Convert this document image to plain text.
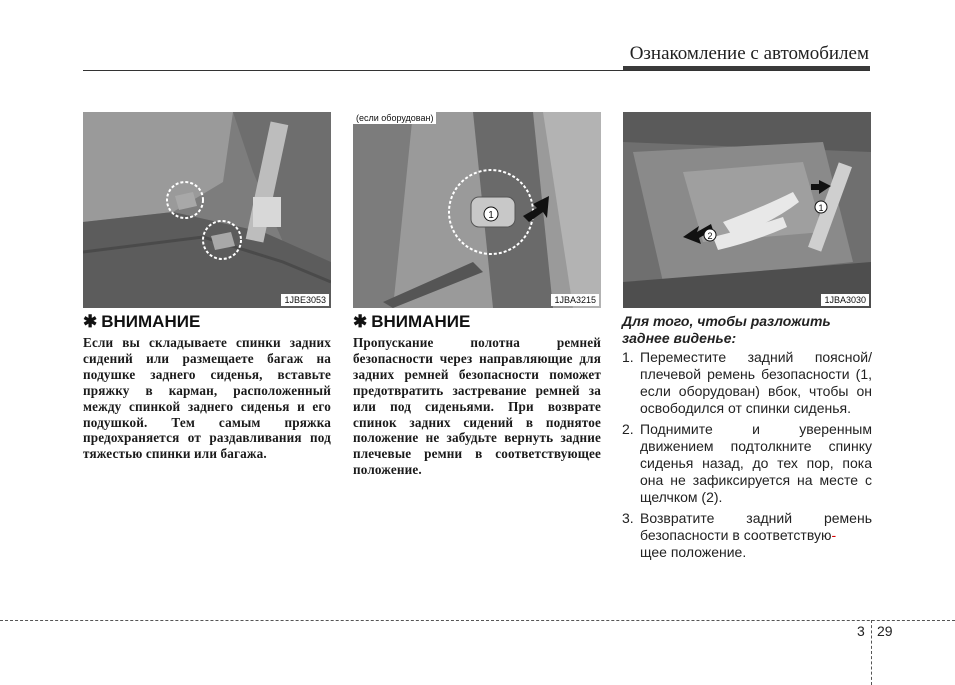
Ознакомление с автомобилем
1JBE3053
1
(если оборудован)
1JBA3215
2
1
1JBA3030
✱ ВНИМАНИЕ
Если вы складываете спинки задних сидений или размещаете багаж на подушке заднего сиденья, вставьте пряжку в карман, расположенный между спинкой заднего сиденья и его подушкой. Тем самым пряжка предохраняется от раздавливания под тяжестью спинки или багажа.
✱ ВНИМАНИЕ
Пропускание полотна ремней безопасности через направляющие для задних ремней безопасности поможет предотвратить застревание ремней за или под сиденьями. При возврате спинок задних сидений в поднятое положение не забудьте вернуть задние плечевые ремни в соответствующее положение.
Для того, чтобы разложить заднее виденье:
1. Переместите задний поясной/ плечевой ремень безопасности (1, если оборудован) вбок, чтобы он освободился от спинки сиденья.
2. Поднимите и уверенным движением подтолкните спинку сиденья назад, до тех пор, пока она не зафиксируется на месте с щелчком (2).
3. Возвратите задний ремень безопасности в соответствую-
щее положение.
3 29
